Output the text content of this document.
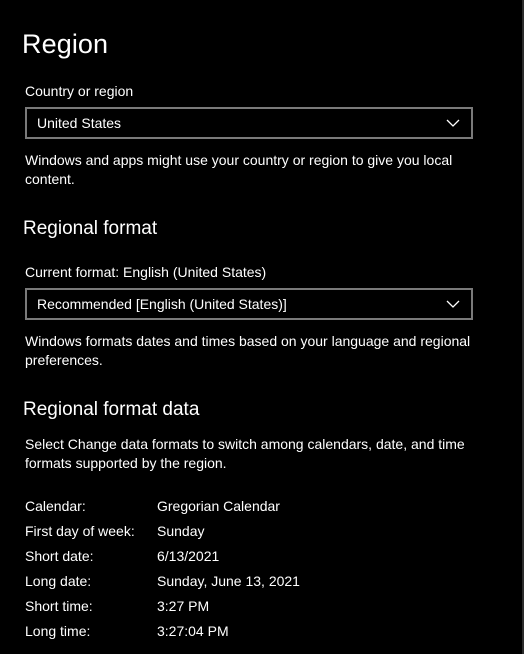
Region
Country or region
United States
Windows and apps might use your country or region to give you local content.
Regional format
Current format: English (United States)
Recommended [English (United States)]
Windows formats dates and times based on your language and regional preferences.
Regional format data
Select Change data formats to switch among calendars, date, and time formats supported by the region.
Calendar:	Gregorian Calendar
First day of week: Sunday
Short date:	6/13/2021
Long date:	Sunday, June 13, 2021
Short time:	3:27 PM
Long time:	3:27:04 PM
